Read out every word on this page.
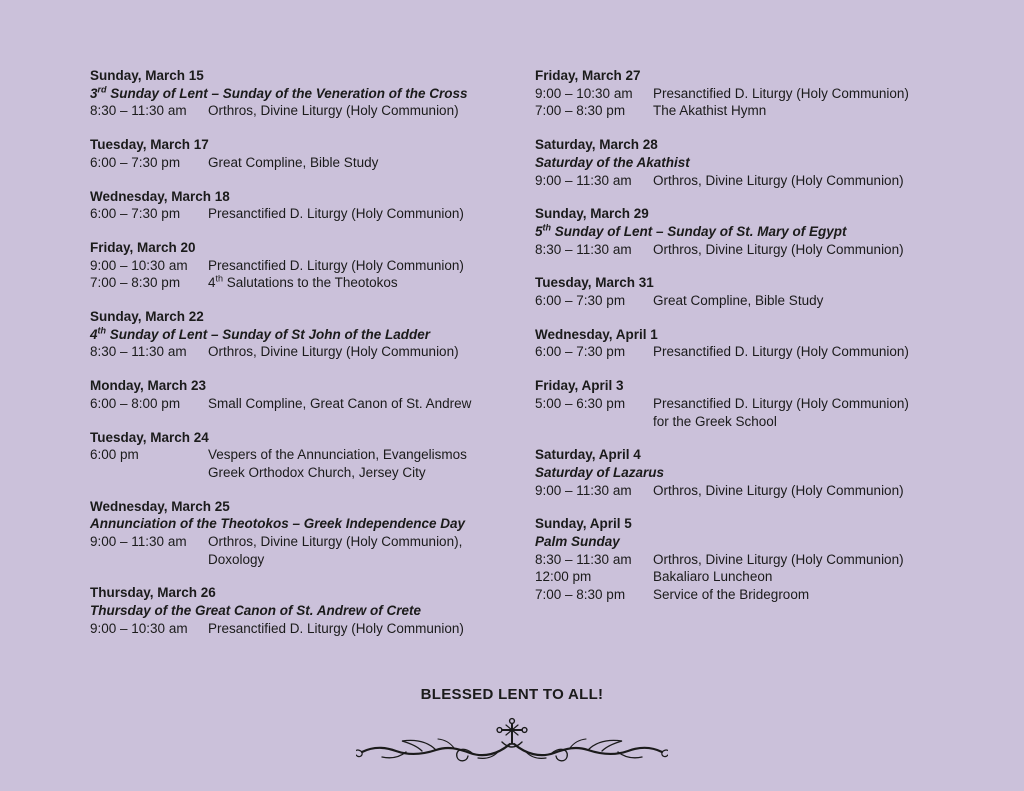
Sunday, March 15
3rd Sunday of Lent – Sunday of the Veneration of the Cross
8:30 – 11:30 am	Orthros, Divine Liturgy (Holy Communion)
Tuesday, March 17
6:00 – 7:30 pm	Great Compline, Bible Study
Wednesday, March 18
6:00 – 7:30 pm	Presanctified D. Liturgy (Holy Communion)
Friday, March 20
9:00 – 10:30 am	Presanctified D. Liturgy (Holy Communion)
7:00 – 8:30 pm	4th Salutations to the Theotokos
Sunday, March 22
4th Sunday of Lent – Sunday of St John of the Ladder
8:30 – 11:30 am	Orthros, Divine Liturgy (Holy Communion)
Monday, March 23
6:00 – 8:00 pm	Small Compline, Great Canon of St. Andrew
Tuesday, March 24
6:00 pm	Vespers of the Annunciation, Evangelismos
Greek Orthodox Church, Jersey City
Wednesday, March 25
Annunciation of the Theotokos – Greek Independence Day
9:00 – 11:30 am	Orthros, Divine Liturgy (Holy Communion),
Doxology
Thursday, March 26
Thursday of the Great Canon of St. Andrew of Crete
9:00 – 10:30 am	Presanctified D. Liturgy (Holy Communion)
Friday, March 27
9:00 – 10:30 am	Presanctified D. Liturgy (Holy Communion)
7:00 – 8:30 pm	The Akathist Hymn
Saturday, March 28
Saturday of the Akathist
9:00 – 11:30 am	Orthros, Divine Liturgy (Holy Communion)
Sunday, March 29
5th Sunday of Lent – Sunday of St. Mary of Egypt
8:30 – 11:30 am	Orthros, Divine Liturgy (Holy Communion)
Tuesday, March 31
6:00 – 7:30 pm	Great Compline, Bible Study
Wednesday, April 1
6:00 – 7:30 pm	Presanctified D. Liturgy (Holy Communion)
Friday, April 3
5:00 – 6:30 pm	Presanctified D. Liturgy (Holy Communion)
for the Greek School
Saturday, April 4
Saturday of Lazarus
9:00 – 11:30 am	Orthros, Divine Liturgy (Holy Communion)
Sunday, April 5
Palm Sunday
8:30 – 11:30 am	Orthros, Divine Liturgy (Holy Communion)
12:00 pm	Bakaliaro Luncheon
7:00 – 8:30 pm	Service of the Bridegroom
BLESSED LENT TO ALL!
